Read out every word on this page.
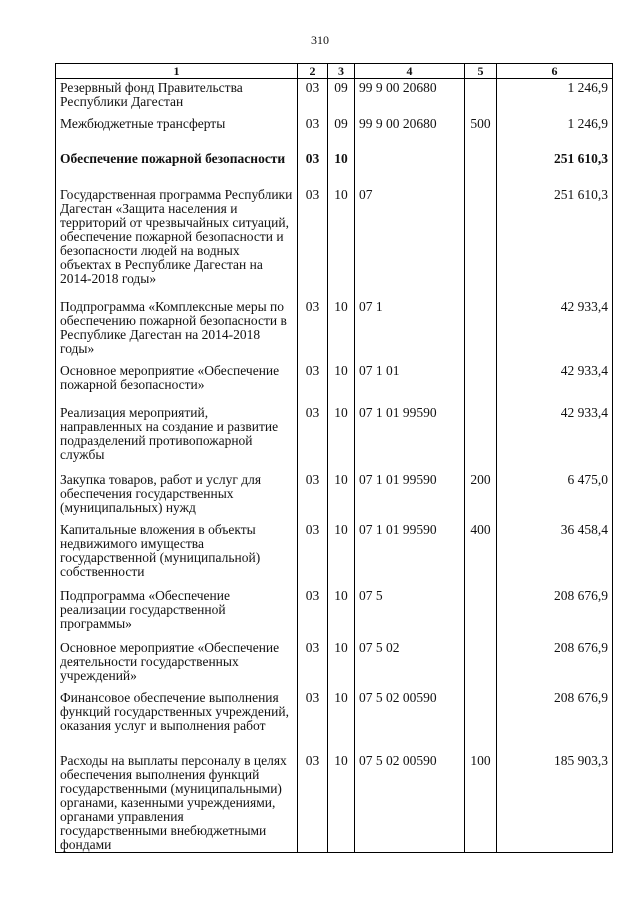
310
1	2	3	4	5	6
Резервный фонд Правительства Республики Дагестан	03	09	99 9 00 20680		1 246,9
Межбюджетные трансферты	03	09	99 9 00 20680	500	1 246,9
Обеспечение пожарной безопасности	03	10			251 610,3
Государственная программа Республики Дагестан «Защита населения и территорий от чрезвычайных ситуаций, обеспечение пожарной безопасности и безопасности людей на водных объектах в Республике Дагестан на 2014-2018 годы»	03	10	07		251 610,3
Подпрограмма «Комплексные меры по обеспечению пожарной безопасности в Республике Дагестан на 2014-2018 годы»	03	10	07 1		42 933,4
Основное мероприятие «Обеспечение пожарной безопасности»	03	10	07 1 01		42 933,4
Реализация мероприятий, направленных на создание и развитие подразделений противопожарной службы	03	10	07 1 01 99590		42 933,4
Закупка товаров, работ и услуг для обеспечения государственных (муниципальных) нужд	03	10	07 1 01 99590	200	6 475,0
Капитальные вложения в объекты недвижимого имущества государственной (муниципальной) собственности	03	10	07 1 01 99590	400	36 458,4
Подпрограмма «Обеспечение реализации государственной программы»	03	10	07 5		208 676,9
Основное мероприятие «Обеспечение деятельности государственных учреждений»	03	10	07 5 02		208 676,9
Финансовое обеспечение выполнения функций государственных учреждений, оказания услуг и выполнения работ	03	10	07 5 02 00590		208 676,9
Расходы на выплаты персоналу в целях обеспечения выполнения функций государственными (муниципальными) органами, казенными учреждениями, органами управления государственными внебюджетными фондами	03	10	07 5 02 00590	100	185 903,3
